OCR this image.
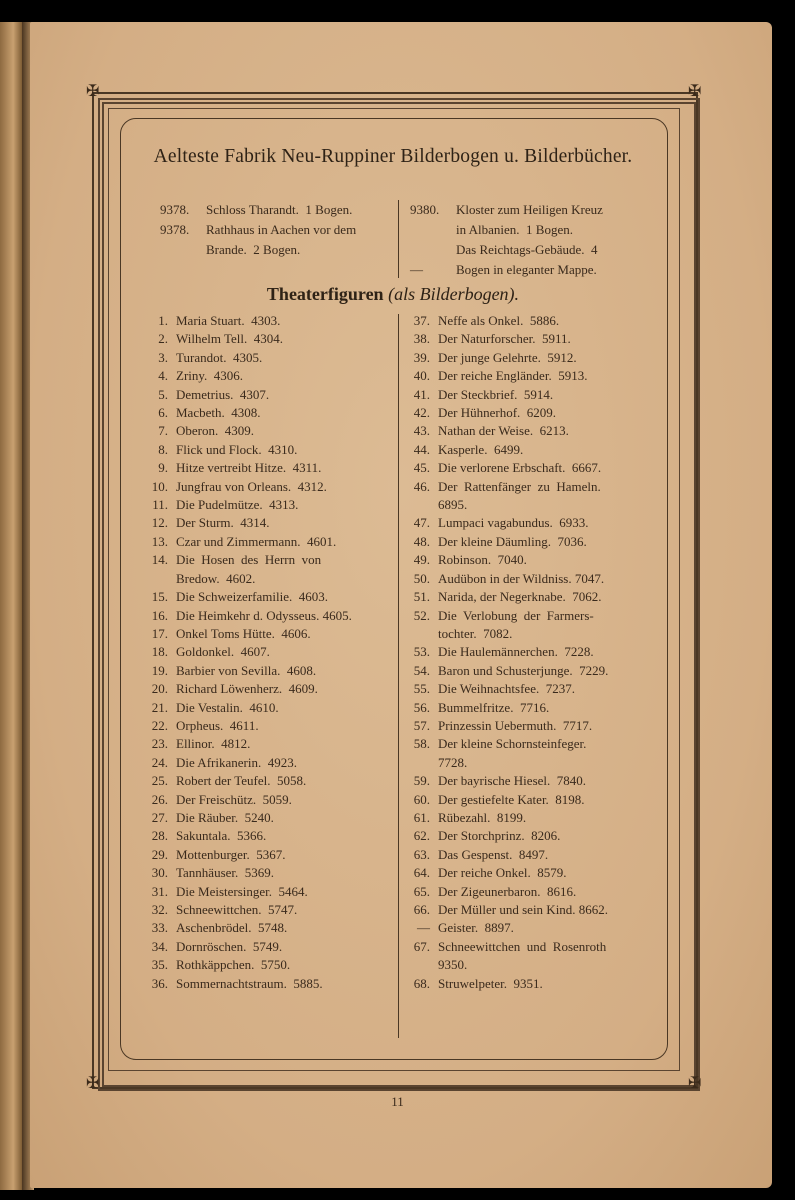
✠	✠
✠	✠
Aelteste Fabrik Neu-Ruppiner Bilderbogen u. Bilderbücher.
9378. Schloss Tharandt.  1 Bogen.
9378. Rathhaus in Aachen vor dem
Brande.  2 Bogen.
9380. Kloster zum Heiligen Kreuz
in Albanien.  1 Bogen.
Das Reichtags-Gebäude.  4
—	Bogen in eleganter Mappe.
Theaterfiguren (als Bilderbogen).
1. Maria Stuart.  4303.
2. Wilhelm Tell.  4304.
3. Turandot.  4305.
4. Zriny.  4306.
5. Demetrius.  4307.
6. Macbeth.  4308.
7. Oberon.  4309.
8. Flick und Flock.  4310.
9. Hitze vertreibt Hitze.  4311.
10. Jungfrau von Orleans.  4312.
11. Die Pudelmütze.  4313.
12. Der Sturm.  4314.
13. Czar und Zimmermann.  4601.
14. Die  Hosen  des  Herrn  von
Bredow.  4602.
15. Die Schweizerfamilie.  4603.
16. Die Heimkehr d. Odysseus. 4605.
17. Onkel Toms Hütte.  4606.
18. Goldonkel.  4607.
19. Barbier von Sevilla.  4608.
20. Richard Löwenherz.  4609.
21. Die Vestalin.  4610.
22. Orpheus.  4611.
23. Ellinor.  4812.
24. Die Afrikanerin.  4923.
25. Robert der Teufel.  5058.
26. Der Freischütz.  5059.
27. Die Räuber.  5240.
28. Sakuntala.  5366.
29. Mottenburger.  5367.
30. Tannhäuser.  5369.
31. Die Meistersinger.  5464.
32. Schneewittchen.  5747.
33. Aschenbrödel.  5748.
34. Dornröschen.  5749.
35. Rothkäppchen.  5750.
36. Sommernachtstraum.  5885.
37. Neffe als Onkel.  5886.
38. Der Naturforscher.  5911.
39. Der junge Gelehrte.  5912.
40. Der reiche Engländer.  5913.
41. Der Steckbrief.  5914.
42. Der Hühnerhof.  6209.
43. Nathan der Weise.  6213.
44. Kasperle.  6499.
45. Die verlorene Erbschaft.  6667.
46. Der  Rattenfänger  zu  Hameln.
6895.
47. Lumpaci vagabundus.  6933.
48. Der kleine Däumling.  7036.
49. Robinson.  7040.
50. Audübon in der Wildniss. 7047.
51. Narida, der Negerknabe.  7062.
52. Die  Verlobung  der  Farmers-
tochter.  7082.
53. Die Haulemännerchen.  7228.
54. Baron und Schusterjunge.  7229.
55. Die Weihnachtsfee.  7237.
56. Bummelfritze.  7716.
57. Prinzessin Uebermuth.  7717.
58. Der kleine Schornsteinfeger.
7728.
59. Der bayrische Hiesel.  7840.
60. Der gestiefelte Kater.  8198.
61. Rübezahl.  8199.
62. Der Storchprinz.  8206.
63. Das Gespenst.  8497.
64. Der reiche Onkel.  8579.
65. Der Zigeunerbaron.  8616.
66. Der Müller und sein Kind. 8662.
— Geister.  8897.
67. Schneewittchen  und  Rosenroth
9350.
68. Struwelpeter.  9351.
11
